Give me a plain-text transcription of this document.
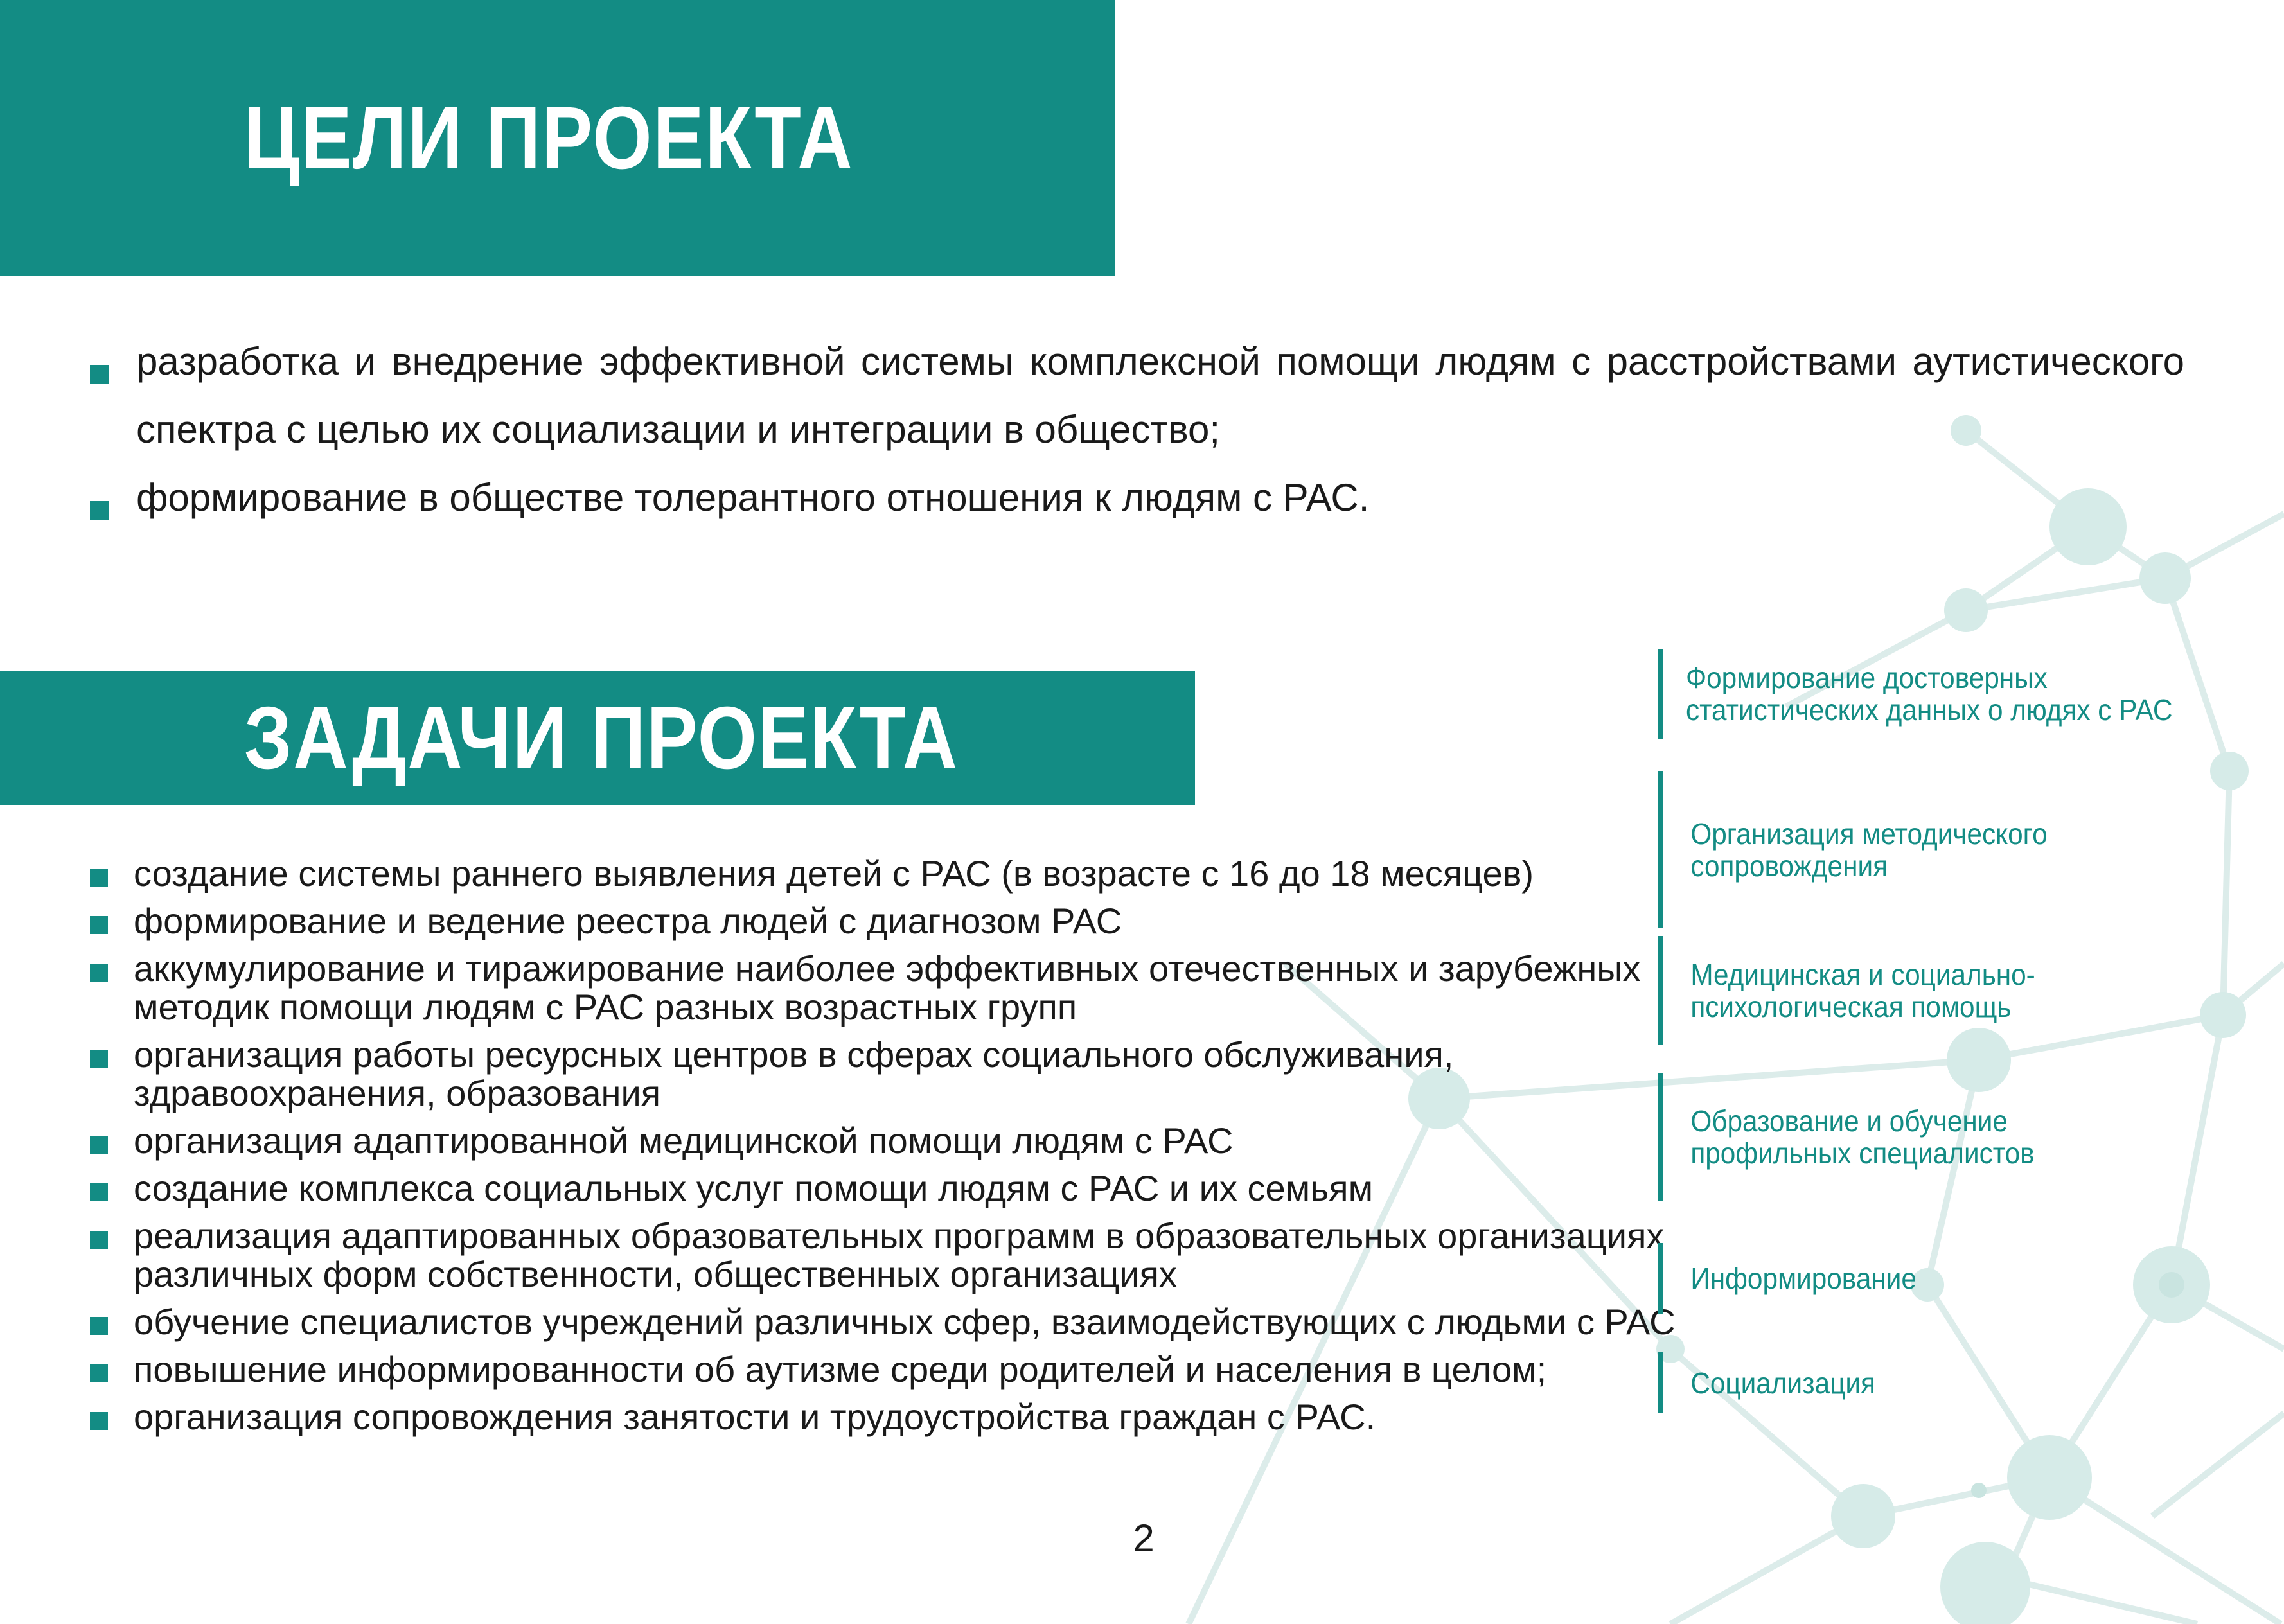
ЦЕЛИ ПРОЕКТА
разработка и внедрение эффективной системы комплексной помощи людям с расстройствами аутистического спектра с целью их социализации и интеграции в общество;
формирование в обществе толерантного отношения к людям с РАС.
ЗАДАЧИ ПРОЕКТА
создание системы раннего выявления детей с РАС (в возрасте с 16 до 18 месяцев)
формирование и ведение реестра людей с диагнозом РАС
аккумулирование и тиражирование наиболее эффективных отечественных и зарубежных
методик помощи людям с РАС разных возрастных групп
организация работы ресурсных центров в сферах социального обслуживания,
здравоохранения, образования
организация адаптированной медицинской помощи людям с РАС
создание комплекса социальных услуг помощи людям с РАС и их семьям
реализация адаптированных образовательных программ в образовательных организациях
различных форм собственности, общественных организациях
обучение специалистов учреждений различных сфер, взаимодействующих с людьми с РАС
повышение информированности об аутизме среди родителей и населения в целом;
организация сопровождения занятости и трудоустройства граждан с РАС.
Формирование достоверных
статистических данных о людях с РАС
Организация методического
сопровождения
Медицинская и социально-
психологическая помощь
Образование и обучение
профильных специалистов
Информирование
Социализация
2
